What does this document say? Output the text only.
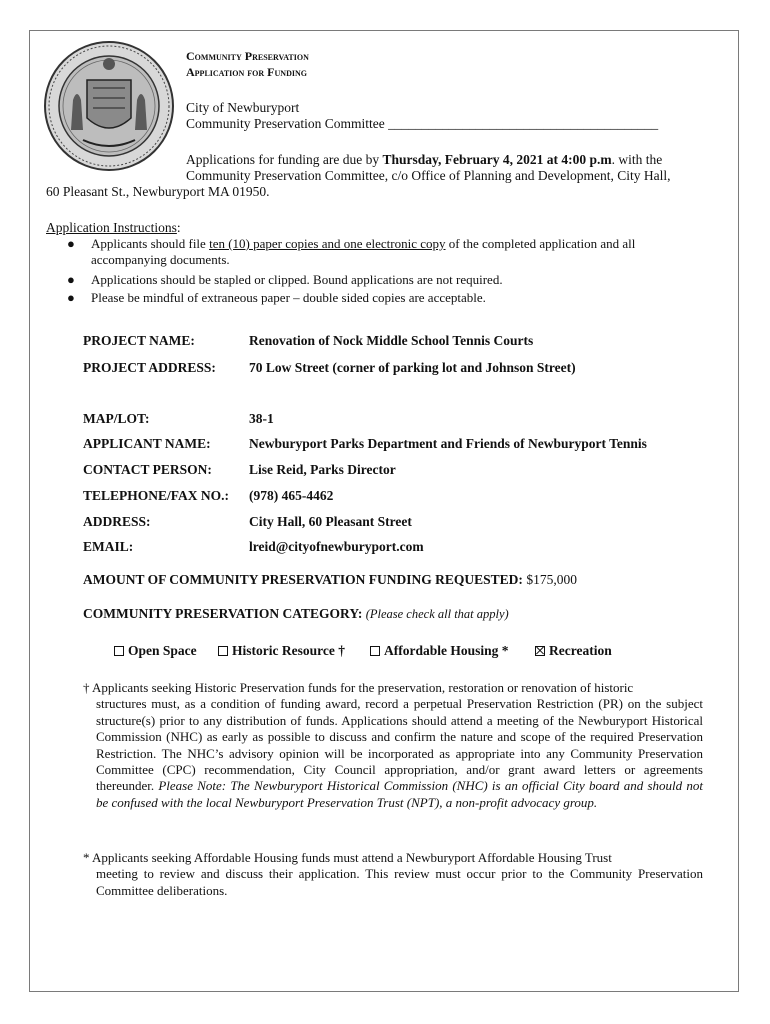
Community Preservation
Application for Funding
City of Newburyport
Community Preservation Committee ________________________________________
Applications for funding are due by Thursday, February 4, 2021 at 4:00 p.m. with the
Community Preservation Committee, c/o Office of Planning and Development, City Hall,
60 Pleasant St., Newburyport MA 01950.
Application Instructions:
● Applicants should file ten (10) paper copies and one electronic copy of the completed application and all
accompanying documents.
● Applications should be stapled or clipped. Bound applications are not required.
● Please be mindful of extraneous paper – double sided copies are acceptable.
PROJECT NAME:	Renovation of Nock Middle School Tennis Courts
PROJECT ADDRESS: 70 Low Street (corner of parking lot and Johnson Street)
MAP/LOT:	38-1
APPLICANT NAME:	Newburyport Parks Department and Friends of Newburyport Tennis
CONTACT PERSON:	Lise Reid, Parks Director
TELEPHONE/FAX NO.: (978) 465-4462
ADDRESS:	City Hall, 60 Pleasant Street
EMAIL:	lreid@cityofnewburyport.com
AMOUNT OF COMMUNITY PRESERVATION FUNDING REQUESTED: $175,000
COMMUNITY PRESERVATION CATEGORY: (Please check all that apply)
Open Space	Historic Resource †	Affordable Housing *	Recreation
† Applicants seeking Historic Preservation funds for the preservation, restoration or renovation of historic
structures must, as a condition of funding award, record a perpetual Preservation Restriction (PR) on the subject structure(s) prior to any distribution of funds. Applications should attend a meeting of the Newburyport Historical Commission (NHC) as early as possible to discuss and confirm the nature and scope of the required Preservation Restriction. The NHC’s advisory opinion will be incorporated as appropriate into any Community Preservation Committee (CPC) recommendation, City Council appropriation, and/or grant award letters or agreements thereunder. Please Note: The Newburyport Historical Commission (NHC) is an official City board and should not be confused with the local Newburyport Preservation Trust (NPT), a non-profit advocacy group.
* Applicants seeking Affordable Housing funds must attend a Newburyport Affordable Housing Trust
meeting to review and discuss their application. This review must occur prior to the Community Preservation Committee deliberations.
